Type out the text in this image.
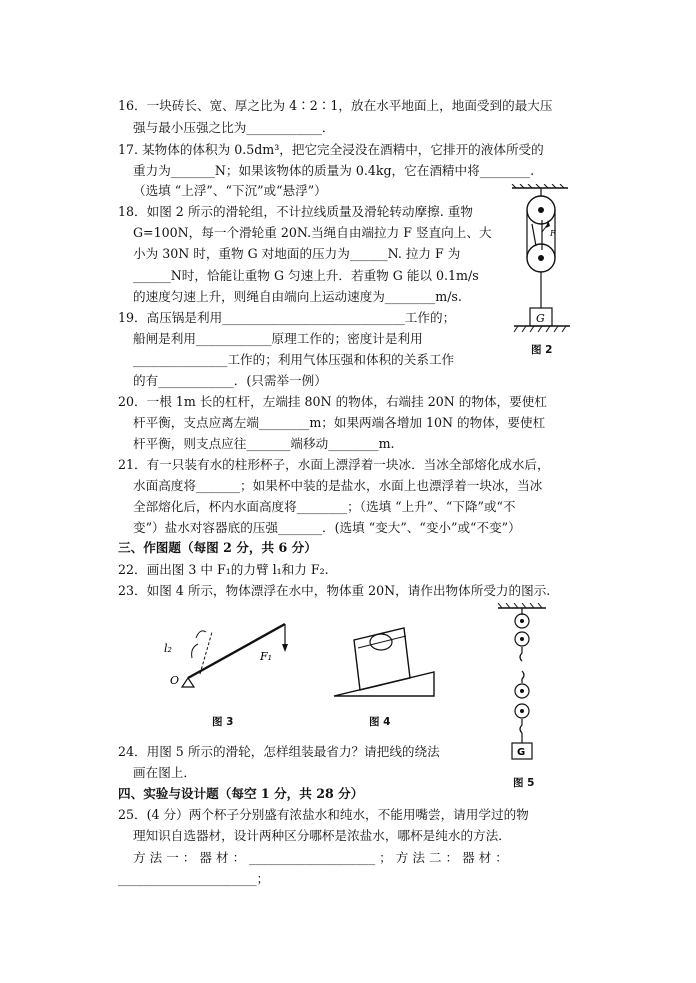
16．一块砖长、宽、厚之比为 4∶2∶1，放在水平地面上，地面受到的最大压
强与最小压强之比为____________．
17. 某物体的体积为 0.5dm³，把它完全浸没在酒精中，它排开的液体所受的
重力为_______N；如果该物体的质量为 0.4kg，它在酒精中将________.
（选填 “上浮”、“下沉”或“悬浮”）
18．如图 2 所示的滑轮组，不计拉线质量及滑轮转动摩擦. 重物
G=100N，每一个滑轮重 20N.当绳自由端拉力 F 竖直向上、大
小为 30N 时，重物 G 对地面的压力为______N. 拉力 F 为
______N时，恰能让重物 G 匀速上升．若重物 G 能以 0.1m/s
的速度匀速上升，则绳自由端向上运动速度为________m/s.
19．高压锅是利用_____________________________工作的；
船闸是利用____________原理工作的；密度计是利用
_______________工作的；利用气体压强和体积的关系工作
的有____________．(只需举一例）
20．一根 1m 长的杠杆，左端挂 80N 的物体，右端挂 20N 的物体，要使杠
杆平衡，支点应离左端________m；如果两端各增加 10N 的物体，要使杠
杆平衡，则支点应往_______端移动________m.
21．有一只装有水的柱形杯子，水面上漂浮着一块冰．当冰全部熔化成水后，
水面高度将_______；如果杯中装的是盐水，水面上也漂浮着一块冰，当冰
全部熔化后，杯内水面高度将________；（选填 “上升”、“下降”或“不
变”）盐水对容器底的压强_______．(选填 “变大”、“变小”或“不变”）
三、作图题（每图 2 分，共 6 分）
22．画出图 3 中 F₁的力臂 l₁和力 F₂.
23．如图 4 所示，物体漂浮在水中，物体重 20N，请作出物体所受力的图示.
24．用图 5 所示的滑轮，怎样组装最省力？请把线的绕法
画在图上．
四、实验与设计题（每空 1 分，共 28 分）
25．(4 分）两个杯子分别盛有浓盐水和纯水，不能用嘴尝，请用学过的物
理知识自选器材，设计两种区分哪杯是浓盐水，哪杯是纯水的方法．
方 法 一 ： 器 材 ： ____________________ ； 方 法 二 ： 器 材 ：
______________________；
G
F
图 2
l₂
F₁
O
图 3	图 4
G
图 5
